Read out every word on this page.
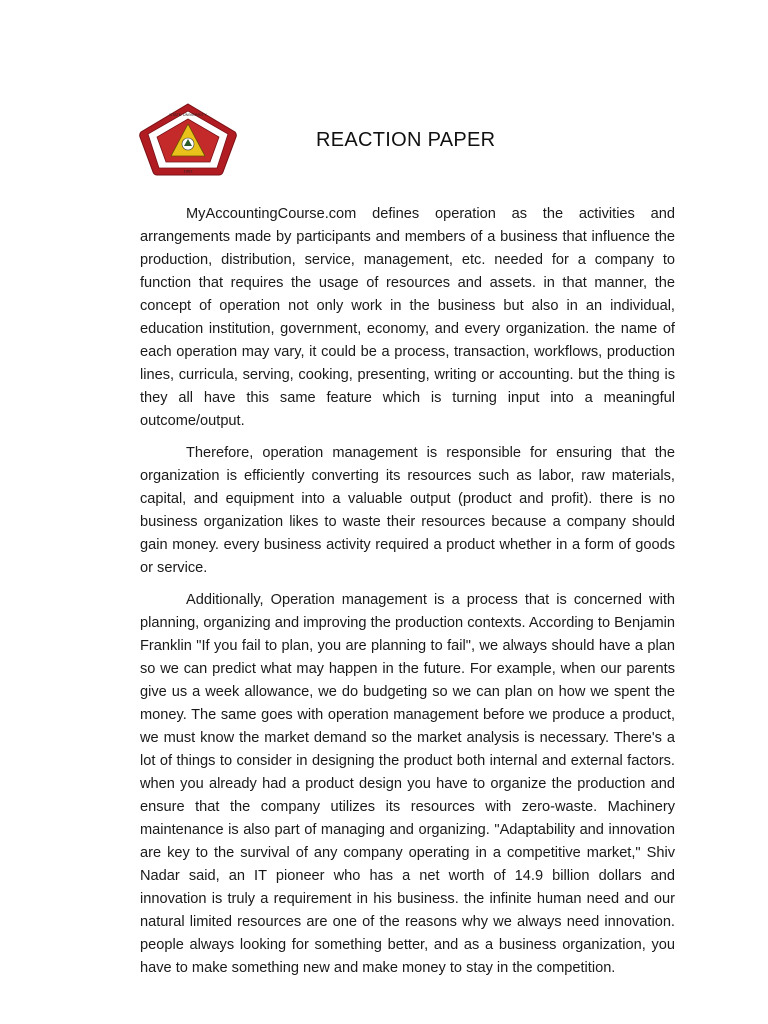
STATE UNIVERSITY
1902
REACTION PAPER

MyAccountingCourse.com defines operation as the activities and arrangements made by participants and members of a business that influence the production, distribution, service, management, etc. needed for a company to function that requires the usage of resources and assets. in that manner, the concept of operation not only work in the business but also in an individual, education institution, government, economy, and every organization. the name of each operation may vary, it could be a process, transaction, workflows, production lines, curricula, serving, cooking, presenting, writing or accounting. but the thing is they all have this same feature which is turning input into a meaningful outcome/output.

Therefore, operation management is responsible for ensuring that the organization is efficiently converting its resources such as labor, raw materials, capital, and equipment into a valuable output (product and profit). there is no business organization likes to waste their resources because a company should gain money. every business activity required a product whether in a form of goods or service.

Additionally, Operation management is a process that is concerned with planning, organizing and improving the production contexts. According to Benjamin Franklin "If you fail to plan, you are planning to fail", we always should have a plan so we can predict what may happen in the future. For example, when our parents give us a week allowance, we do budgeting so we can plan on how we spent the money. The same goes with operation management before we produce a product, we must know the market demand so the market analysis is necessary. There's a lot of things to consider in designing the product both internal and external factors. when you already had a product design you have to organize the production and ensure that the company utilizes its resources with zero-waste. Machinery maintenance is also part of managing and organizing. "Adaptability and innovation are key to the survival of any company operating in a competitive market," Shiv Nadar said, an IT pioneer who has a net worth of 14.9 billion dollars and innovation is truly a requirement in his business. the infinite human need and our natural limited resources are one of the reasons why we always need innovation. people always looking for something better, and as a business organization, you have to make something new and make money to stay in the competition.
